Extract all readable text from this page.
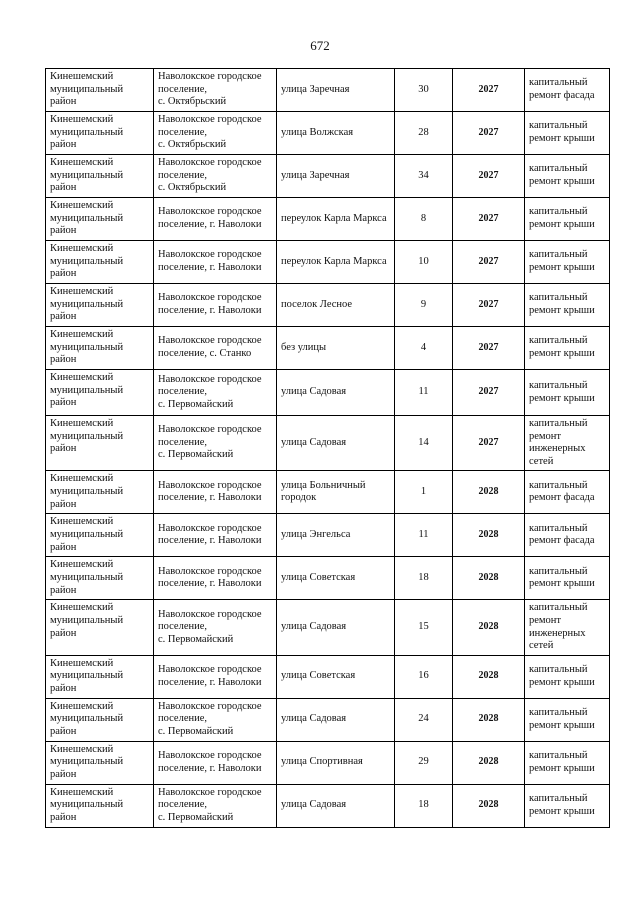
672
Кинешемский муниципальный район	Наволокское городское
поселение,
с. Октябрьский	улица Заречная	30	2027	капитальный ремонт фасада
Кинешемский муниципальный район	Наволокское городское
поселение,
с. Октябрьский	улица Волжская	28	2027	капитальный ремонт крыши
Кинешемский муниципальный район	Наволокское городское
поселение,
с. Октябрьский	улица Заречная	34	2027	капитальный ремонт крыши
Кинешемский муниципальный район	Наволокское городское
поселение, г. Наволоки	переулок Карла Маркса	8	2027	капитальный ремонт крыши
Кинешемский муниципальный район	Наволокское городское
поселение, г. Наволоки	переулок Карла Маркса	10	2027	капитальный ремонт крыши
Кинешемский муниципальный район	Наволокское городское
поселение, г. Наволоки	поселок Лесное	9	2027	капитальный ремонт крыши
Кинешемский муниципальный район	Наволокское городское
поселение, с. Станко	без улицы	4	2027	капитальный ремонт крыши
Кинешемский муниципальный район	Наволокское городское
поселение,
с. Первомайский	улица Садовая	11	2027	капитальный ремонт крыши
Кинешемский муниципальный район	Наволокское городское
поселение,
с. Первомайский	улица Садовая	14	2027	капитальный ремонт инженерных сетей
Кинешемский муниципальный район	Наволокское городское
поселение, г. Наволоки	улица Больничный городок	1	2028	капитальный ремонт фасада
Кинешемский муниципальный район	Наволокское городское
поселение, г. Наволоки	улица Энгельса	11	2028	капитальный ремонт фасада
Кинешемский муниципальный район	Наволокское городское
поселение, г. Наволоки	улица Советская	18	2028	капитальный ремонт крыши
Кинешемский муниципальный район	Наволокское городское
поселение,
с. Первомайский	улица Садовая	15	2028	капитальный ремонт инженерных сетей
Кинешемский муниципальный район	Наволокское городское
поселение, г. Наволоки	улица Советская	16	2028	капитальный ремонт крыши
Кинешемский муниципальный район	Наволокское городское
поселение,
с. Первомайский	улица Садовая	24	2028	капитальный ремонт крыши
Кинешемский муниципальный район	Наволокское городское
поселение, г. Наволоки	улица Спортивная	29	2028	капитальный ремонт крыши
Кинешемский муниципальный район	Наволокское городское
поселение,
с. Первомайский	улица Садовая	18	2028	капитальный ремонт крыши
